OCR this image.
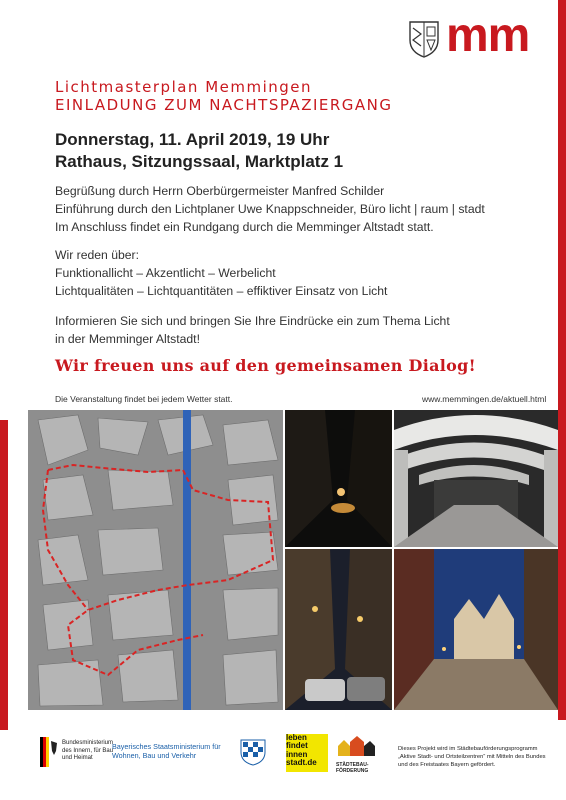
mm
Lichtmasterplan Memmingen
EINLADUNG ZUM NACHTSPAZIERGANG
Donnerstag, 11. April 2019, 19 Uhr
Rathaus, Sitzungssaal, Marktplatz 1
Begrüßung durch Herrn Oberbürgermeister Manfred Schilder
Einführung durch den Lichtplaner Uwe Knappschneider, Büro licht | raum | stadt
Im Anschluss findet ein Rundgang durch die Memminger Altstadt statt.
Wir reden über:
Funktionallicht – Akzentlicht – Werbelicht
Lichtqualitäten – Lichtquantitäten – effiktiver Einsatz von Licht
Informieren Sie sich und bringen Sie Ihre Eindrücke ein zum Thema Licht
in der Memminger Altstadt!
Wir freuen uns auf den gemeinsamen Dialog!
Die Veranstaltung findet bei jedem Wetter statt.	www.memmingen.de/aktuell.html
Bundesministerium
des Innern, für Bau
und Heimat
Bayerisches Staatsministerium für
Wohnen, Bau und Verkehr
leben
findet
innen
stadt.de	STÄDTEBAU-
FÖRDERUNG
Dieses Projekt wird im Städtebauförderungsprogramm „Aktive Stadt- und Ortsteilzentren“ mit Mitteln des Bundes und des Freistaates Bayern gefördert.
